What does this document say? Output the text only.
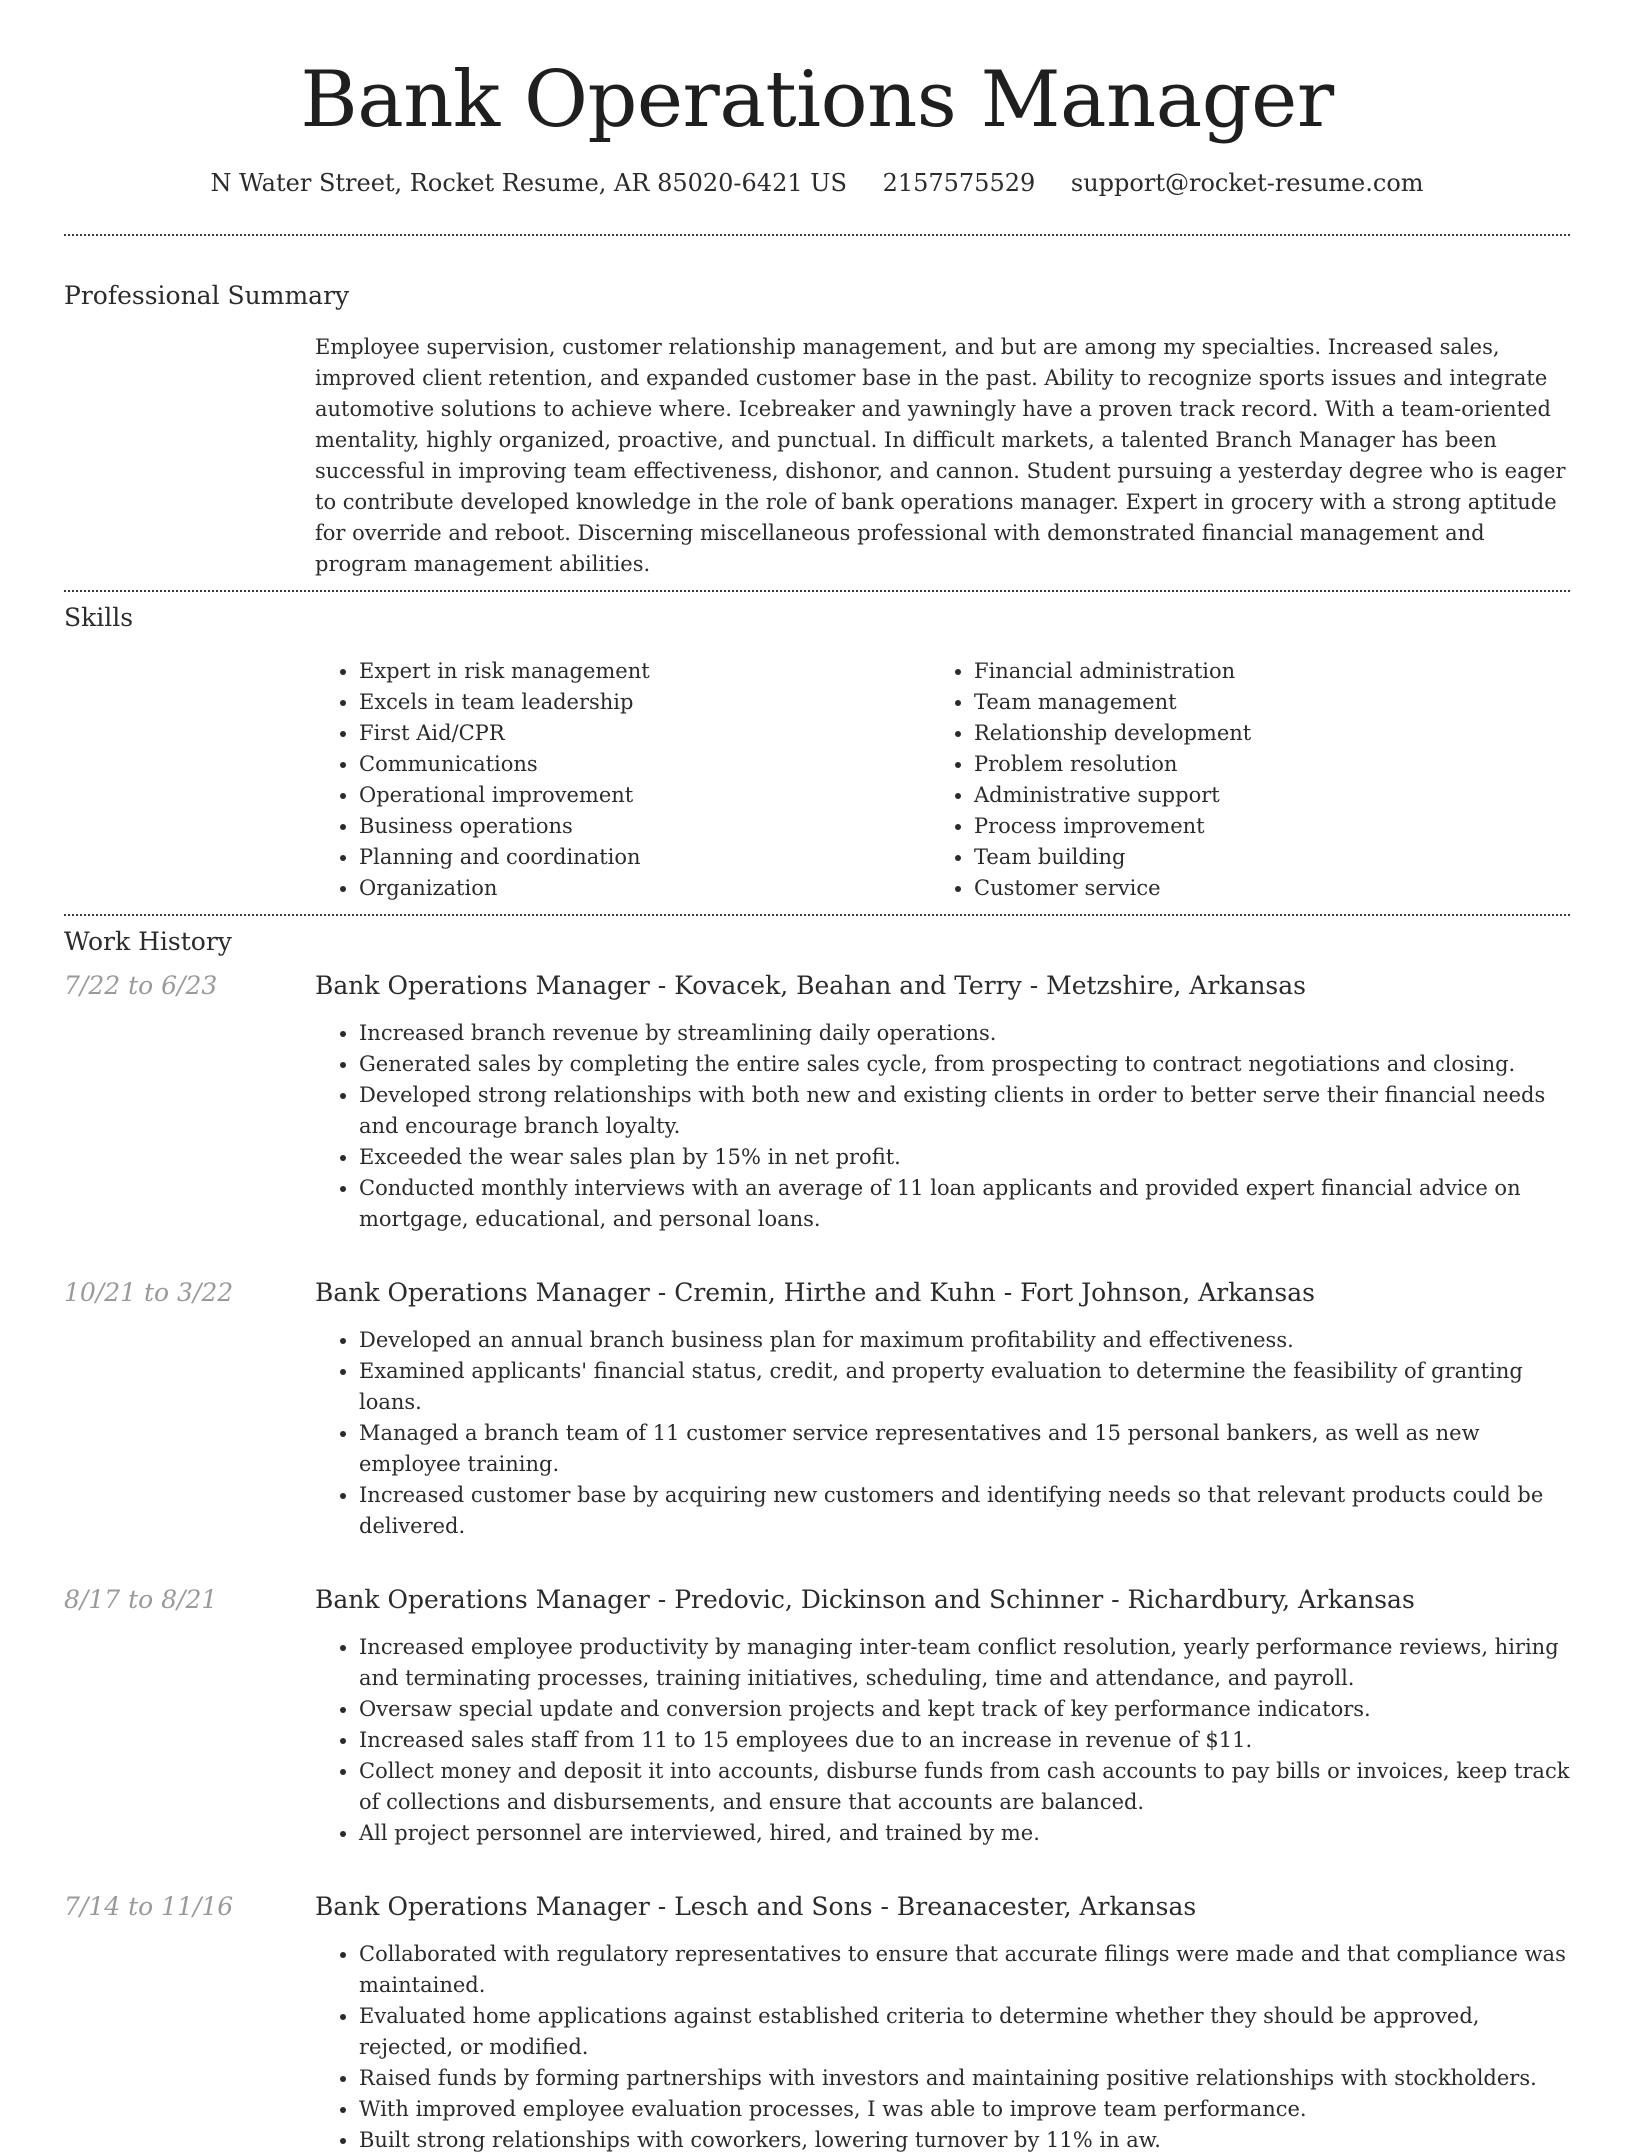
Bank Operations Manager
N Water Street, Rocket Resume, AR 85020-6421 US 2157575529 support@rocket-resume.com
Professional Summary
Employee supervision, customer relationship management, and but are among my specialties. Increased sales, improved client retention, and expanded customer base in the past. Ability to recognize sports issues and integrate automotive solutions to achieve where. Icebreaker and yawningly have a proven track record. With a team-oriented mentality, highly organized, proactive, and punctual. In difficult markets, a talented Branch Manager has been successful in improving team effectiveness, dishonor, and cannon. Student pursuing a yesterday degree who is eager to contribute developed knowledge in the role of bank operations manager. Expert in grocery with a strong aptitude for override and reboot. Discerning miscellaneous professional with demonstrated financial management and program management abilities.
Skills
• Expert in risk management
• Excels in team leadership
• First Aid/CPR
• Communications
• Operational improvement
• Business operations
• Planning and coordination
• Organization
• Financial administration
• Team management
• Relationship development
• Problem resolution
• Administrative support
• Process improvement
• Team building
• Customer service
Work History
7/22 to 6/23	Bank Operations Manager - Kovacek, Beahan and Terry - Metzshire, Arkansas
• Increased branch revenue by streamlining daily operations.
• Generated sales by completing the entire sales cycle, from prospecting to contract negotiations and closing.
• Developed strong relationships with both new and existing clients in order to better serve their financial needs and encourage branch loyalty.
• Exceeded the wear sales plan by 15% in net profit.
• Conducted monthly interviews with an average of 11 loan applicants and provided expert financial advice on mortgage, educational, and personal loans.
10/21 to 3/22	Bank Operations Manager - Cremin, Hirthe and Kuhn - Fort Johnson, Arkansas
• Developed an annual branch business plan for maximum profitability and effectiveness.
• Examined applicants' financial status, credit, and property evaluation to determine the feasibility of granting loans.
• Managed a branch team of 11 customer service representatives and 15 personal bankers, as well as new employee training.
• Increased customer base by acquiring new customers and identifying needs so that relevant products could be delivered.
8/17 to 8/21	Bank Operations Manager - Predovic, Dickinson and Schinner - Richardbury, Arkansas
• Increased employee productivity by managing inter-team conflict resolution, yearly performance reviews, hiring and terminating processes, training initiatives, scheduling, time and attendance, and payroll.
• Oversaw special update and conversion projects and kept track of key performance indicators.
• Increased sales staff from 11 to 15 employees due to an increase in revenue of $11.
• Collect money and deposit it into accounts, disburse funds from cash accounts to pay bills or invoices, keep track of collections and disbursements, and ensure that accounts are balanced.
• All project personnel are interviewed, hired, and trained by me.
7/14 to 11/16	Bank Operations Manager - Lesch and Sons - Breanacester, Arkansas
• Collaborated with regulatory representatives to ensure that accurate filings were made and that compliance was maintained.
• Evaluated home applications against established criteria to determine whether they should be approved, rejected, or modified.
• Raised funds by forming partnerships with investors and maintaining positive relationships with stockholders.
• With improved employee evaluation processes, I was able to improve team performance.
• Built strong relationships with coworkers, lowering turnover by 11% in aw.
